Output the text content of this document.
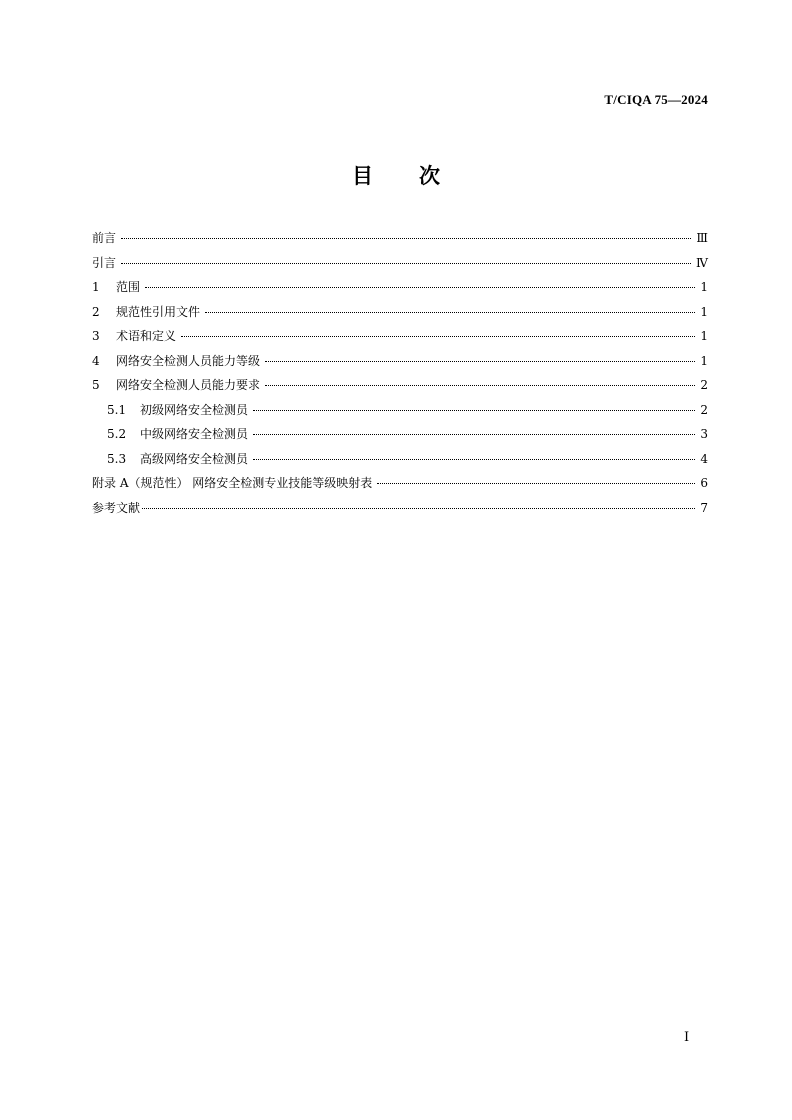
T/CIQA 75—2024
目次
前言	Ⅲ
引言	Ⅳ
1	范围	1
2	规范性引用文件	1
3	术语和定义	1
4	网络安全检测人员能力等级	1
5	网络安全检测人员能力要求	2
5.1	初级网络安全检测员	2
5.2	中级网络安全检测员	3
5.3	高级网络安全检测员	4
附录 A（规范性） 网络安全检测专业技能等级映射表	6
参考文献	7
I
